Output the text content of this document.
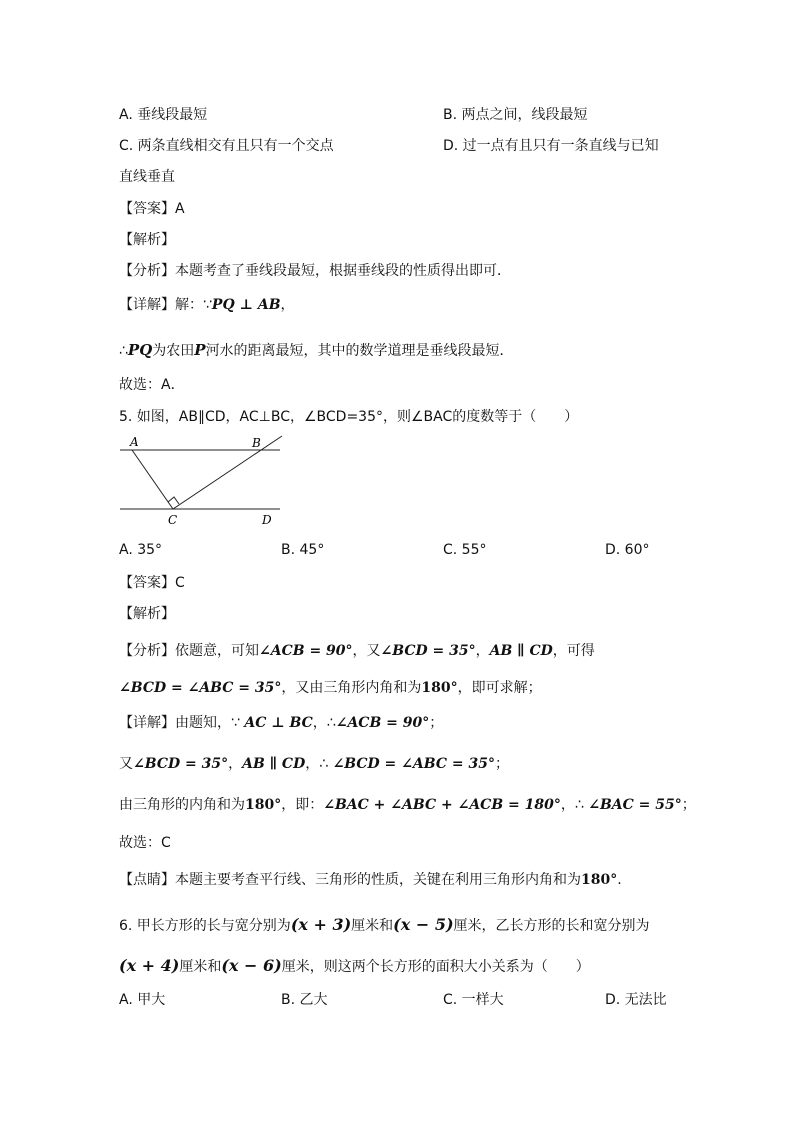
A. 垂线段最短	B. 两点之间，线段最短
C. 两条直线相交有且只有一个交点	D. 过一点有且只有一条直线与已知
直线垂直
【答案】A
【解析】
【分析】本题考查了垂线段最短，根据垂线段的性质得出即可．
【详解】解：∵PQ ⊥ AB，
∴PQ为农田P河水的距离最短，其中的数学道理是垂线段最短．
故选：A．
5. 如图，AB∥CD，AC⊥BC，∠BCD=35°，则∠BAC的度数等于（　　）
A	B
C	D
A. 35°	B. 45°	C. 55°	D. 60°
【答案】C
【解析】
【分析】依题意，可知∠ACB = 90°，又∠BCD = 35°，AB ∥ CD，可得
∠BCD = ∠ABC = 35°，又由三角形内角和为180°，即可求解；
【详解】由题知，∵ AC ⊥ BC，∴∠ACB = 90°；
又∠BCD = 35°，AB ∥ CD，∴ ∠BCD = ∠ABC = 35°；
由三角形的内角和为180°，即：∠BAC + ∠ABC + ∠ACB = 180°，∴ ∠BAC = 55°；
故选：C
【点睛】本题主要考查平行线、三角形的性质，关键在利用三角形内角和为180°.
6. 甲长方形的长与宽分别为(x + 3)厘米和(x − 5)厘米，乙长方形的长和宽分别为
(x + 4)厘米和(x − 6)厘米，则这两个长方形的面积大小关系为（　　）
A. 甲大	B. 乙大	C. 一样大	D. 无法比
